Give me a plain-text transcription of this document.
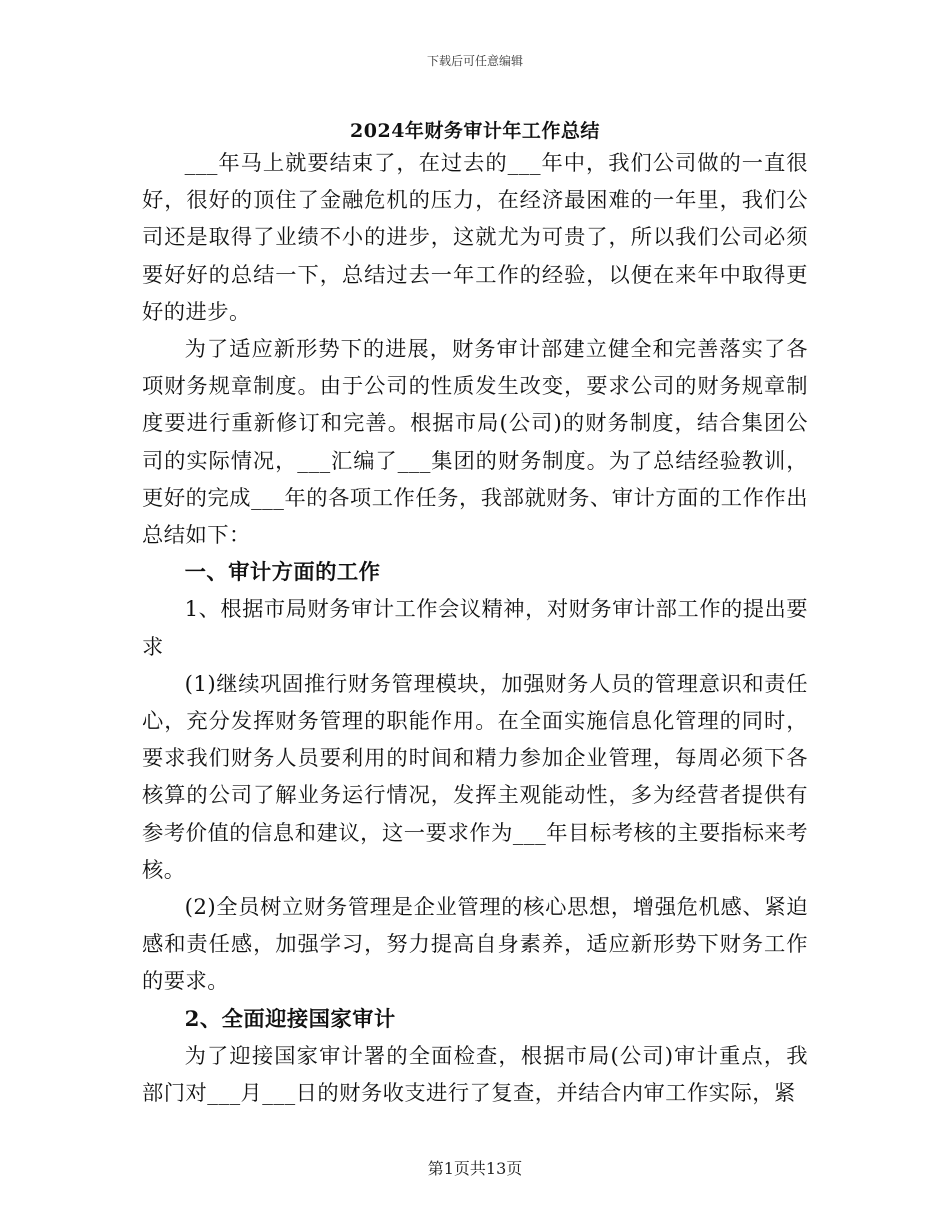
下载后可任意编辑
2024年财务审计年工作总结

___年马上就要结束了，在过去的___年中，我们公司做的一直很好，很好的顶住了金融危机的压力，在经济最困难的一年里，我们公司还是取得了业绩不小的进步，这就尤为可贵了，所以我们公司必须要好好的总结一下，总结过去一年工作的经验，以便在来年中取得更好的进步。

为了适应新形势下的进展，财务审计部建立健全和完善落实了各项财务规章制度。由于公司的性质发生改变，要求公司的财务规章制度要进行重新修订和完善。根据市局(公司)的财务制度，结合集团公司的实际情况，___汇编了___集团的财务制度。为了总结经验教训，更好的完成___年的各项工作任务，我部就财务、审计方面的工作作出总结如下：

一、审计方面的工作

1、根据市局财务审计工作会议精神，对财务审计部工作的提出要求

(1)继续巩固推行财务管理模块，加强财务人员的管理意识和责任心，充分发挥财务管理的职能作用。在全面实施信息化管理的同时，要求我们财务人员要利用的时间和精力参加企业管理，每周必须下各核算的公司了解业务运行情况，发挥主观能动性，多为经营者提供有参考价值的信息和建议，这一要求作为___年目标考核的主要指标来考核。

(2)全员树立财务管理是企业管理的核心思想，增强危机感、紧迫感和责任感，加强学习，努力提高自身素养，适应新形势下财务工作的要求。

2、全面迎接国家审计

为了迎接国家审计署的全面检查，根据市局(公司)审计重点，我部门对___月___日的财务收支进行了复查，并结合内审工作实际，紧

第1页共13页
